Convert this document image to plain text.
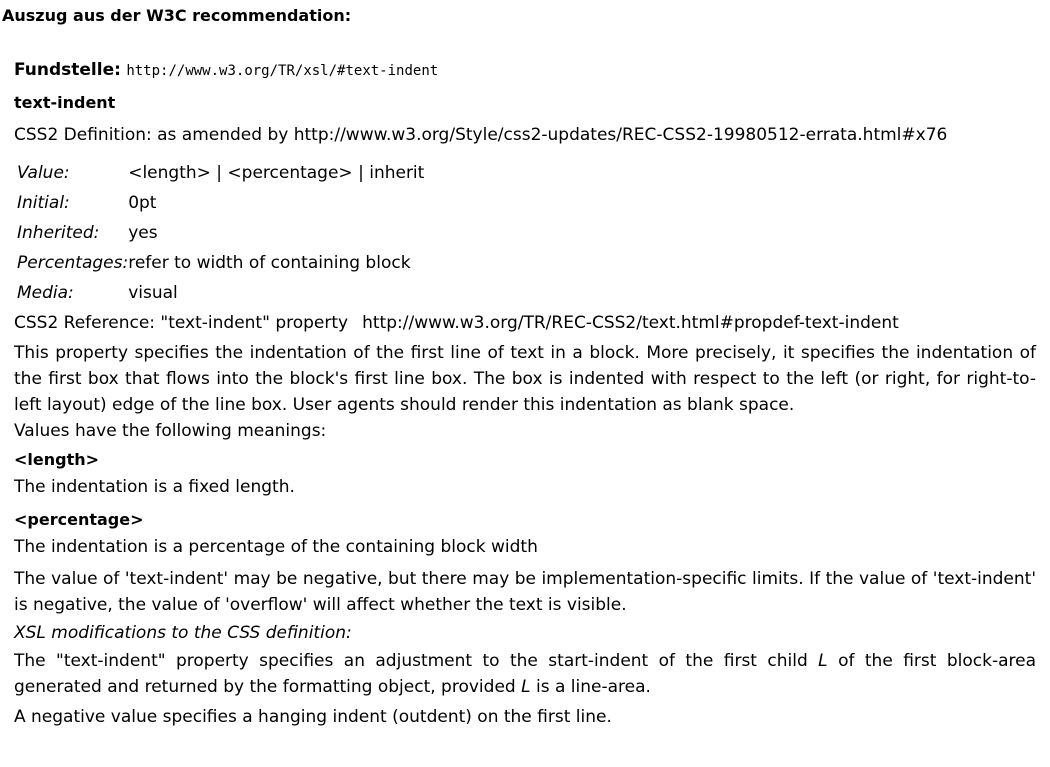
Auszug aus der W3C recommendation:
Fundstelle: http://www.w3.org/TR/xsl/#text-indent
text-indent
CSS2 Definition: as amended by http://www.w3.org/Style/css2-updates/REC-CSS2-19980512-errata.html#x76
Value:	<length> | <percentage> | inherit
Initial:	0pt
Inherited:	yes
Percentages:	refer to width of containing block
Media:	visual
CSS2 Reference: "text-indent" property http://www.w3.org/TR/REC-CSS2/text.html#propdef-text-indent
This property specifies the indentation of the first line of text in a block. More precisely, it specifies the indentation of the first box that flows into the block's first line box. The box is indented with respect to the left (or right, for right-to-left layout) edge of the line box. User agents should render this indentation as blank space.
Values have the following meanings:
<length>
The indentation is a fixed length.
<percentage>
The indentation is a percentage of the containing block width
The value of 'text-indent' may be negative, but there may be implementation-specific limits. If the value of 'text-indent' is negative, the value of 'overflow' will affect whether the text is visible.
XSL modifications to the CSS definition:
The "text-indent" property specifies an adjustment to the start-indent of the first child L of the first block-area generated and returned by the formatting object, provided L is a line-area.
A negative value specifies a hanging indent (outdent) on the first line.
